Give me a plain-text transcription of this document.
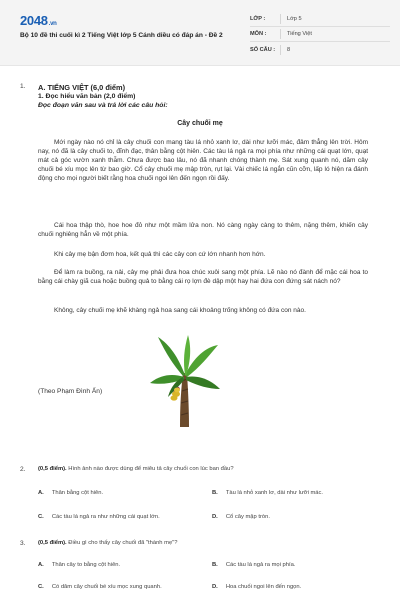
2048.vn
Bộ 10 đề thi cuối kì 2 Tiếng Việt lớp 5 Cánh diều có đáp án - Đề 2
LỚP :	Lớp 5
MÔN :	Tiếng Việt
SỐ CÂU :	8
1. A. TIẾNG VIỆT (6,0 điểm)
1. Đọc hiểu văn bản (2,0 điểm)
Đọc đoạn văn sau và trả lời các câu hỏi:
Cây chuối mẹ

Mới ngày nào nó chỉ là cây chuối con mang tàu lá nhỏ xanh lơ, dài như lưỡi mác, đâm thẳng lên trời. Hôm nay, nó đã là cây chuối to, đĩnh đạc, thân bằng cột hiên. Các tàu lá ngả ra mọi phía như những cái quạt lớn, quạt mát cả góc vườn xanh thẫm. Chưa được bao lâu, nó đã nhanh chóng thành mẹ. Sát xung quanh nó, dăm cây chuối bé xíu mọc lên từ bao giờ. Cổ cây chuối mẹ mập tròn, rụt lại. Vài chiếc lá ngắn cũn cỡn, lấp ló hiện ra đánh động cho mọi người biết rằng hoa chuối ngoi lên đến ngọn rồi đấy.

Cái hoa thập thò, hoe hoe đỏ như một mầm lửa non. Nó càng ngày càng to thêm, nặng thêm, khiến cây chuối nghiêng hẳn về một phía.

Khi cây mẹ bận đơm hoa, kết quả thì các cây con cứ lớn nhanh hơn hớn.

Để làm ra buồng, ra nải, cây mẹ phải đưa hoa chúc xuôi sang một phía. Lẽ nào nó đành để mặc cái hoa to bằng cái chày giã cua hoặc buồng quả to bằng cái rọ lợn đè dập một hay hai đứa con đứng sát nách nó?

Không, cây chuối mẹ khẽ khàng ngả hoa sang cái khoảng trống không có đứa con nào.

(Theo Phạm Đình Ấn)
2. (0,5 điểm). Hình ảnh nào được dùng để miêu tả cây chuối con lúc ban đầu?
A. Thân bằng cột hiên.	B. Tàu lá nhỏ xanh lơ, dài như lưỡi mác.
C. Các tàu lá ngả ra như những cái quạt lớn.	D. Cổ cây mập tròn.
3. (0,5 điểm). Điều gì cho thấy cây chuối đã "thành mẹ"?
A. Thân cây to bằng cột hiên.	B. Các tàu lá ngả ra mọi phía.
C. Có dăm cây chuối bé xíu mọc xung quanh.	D. Hoa chuối ngoi lên đến ngọn.
